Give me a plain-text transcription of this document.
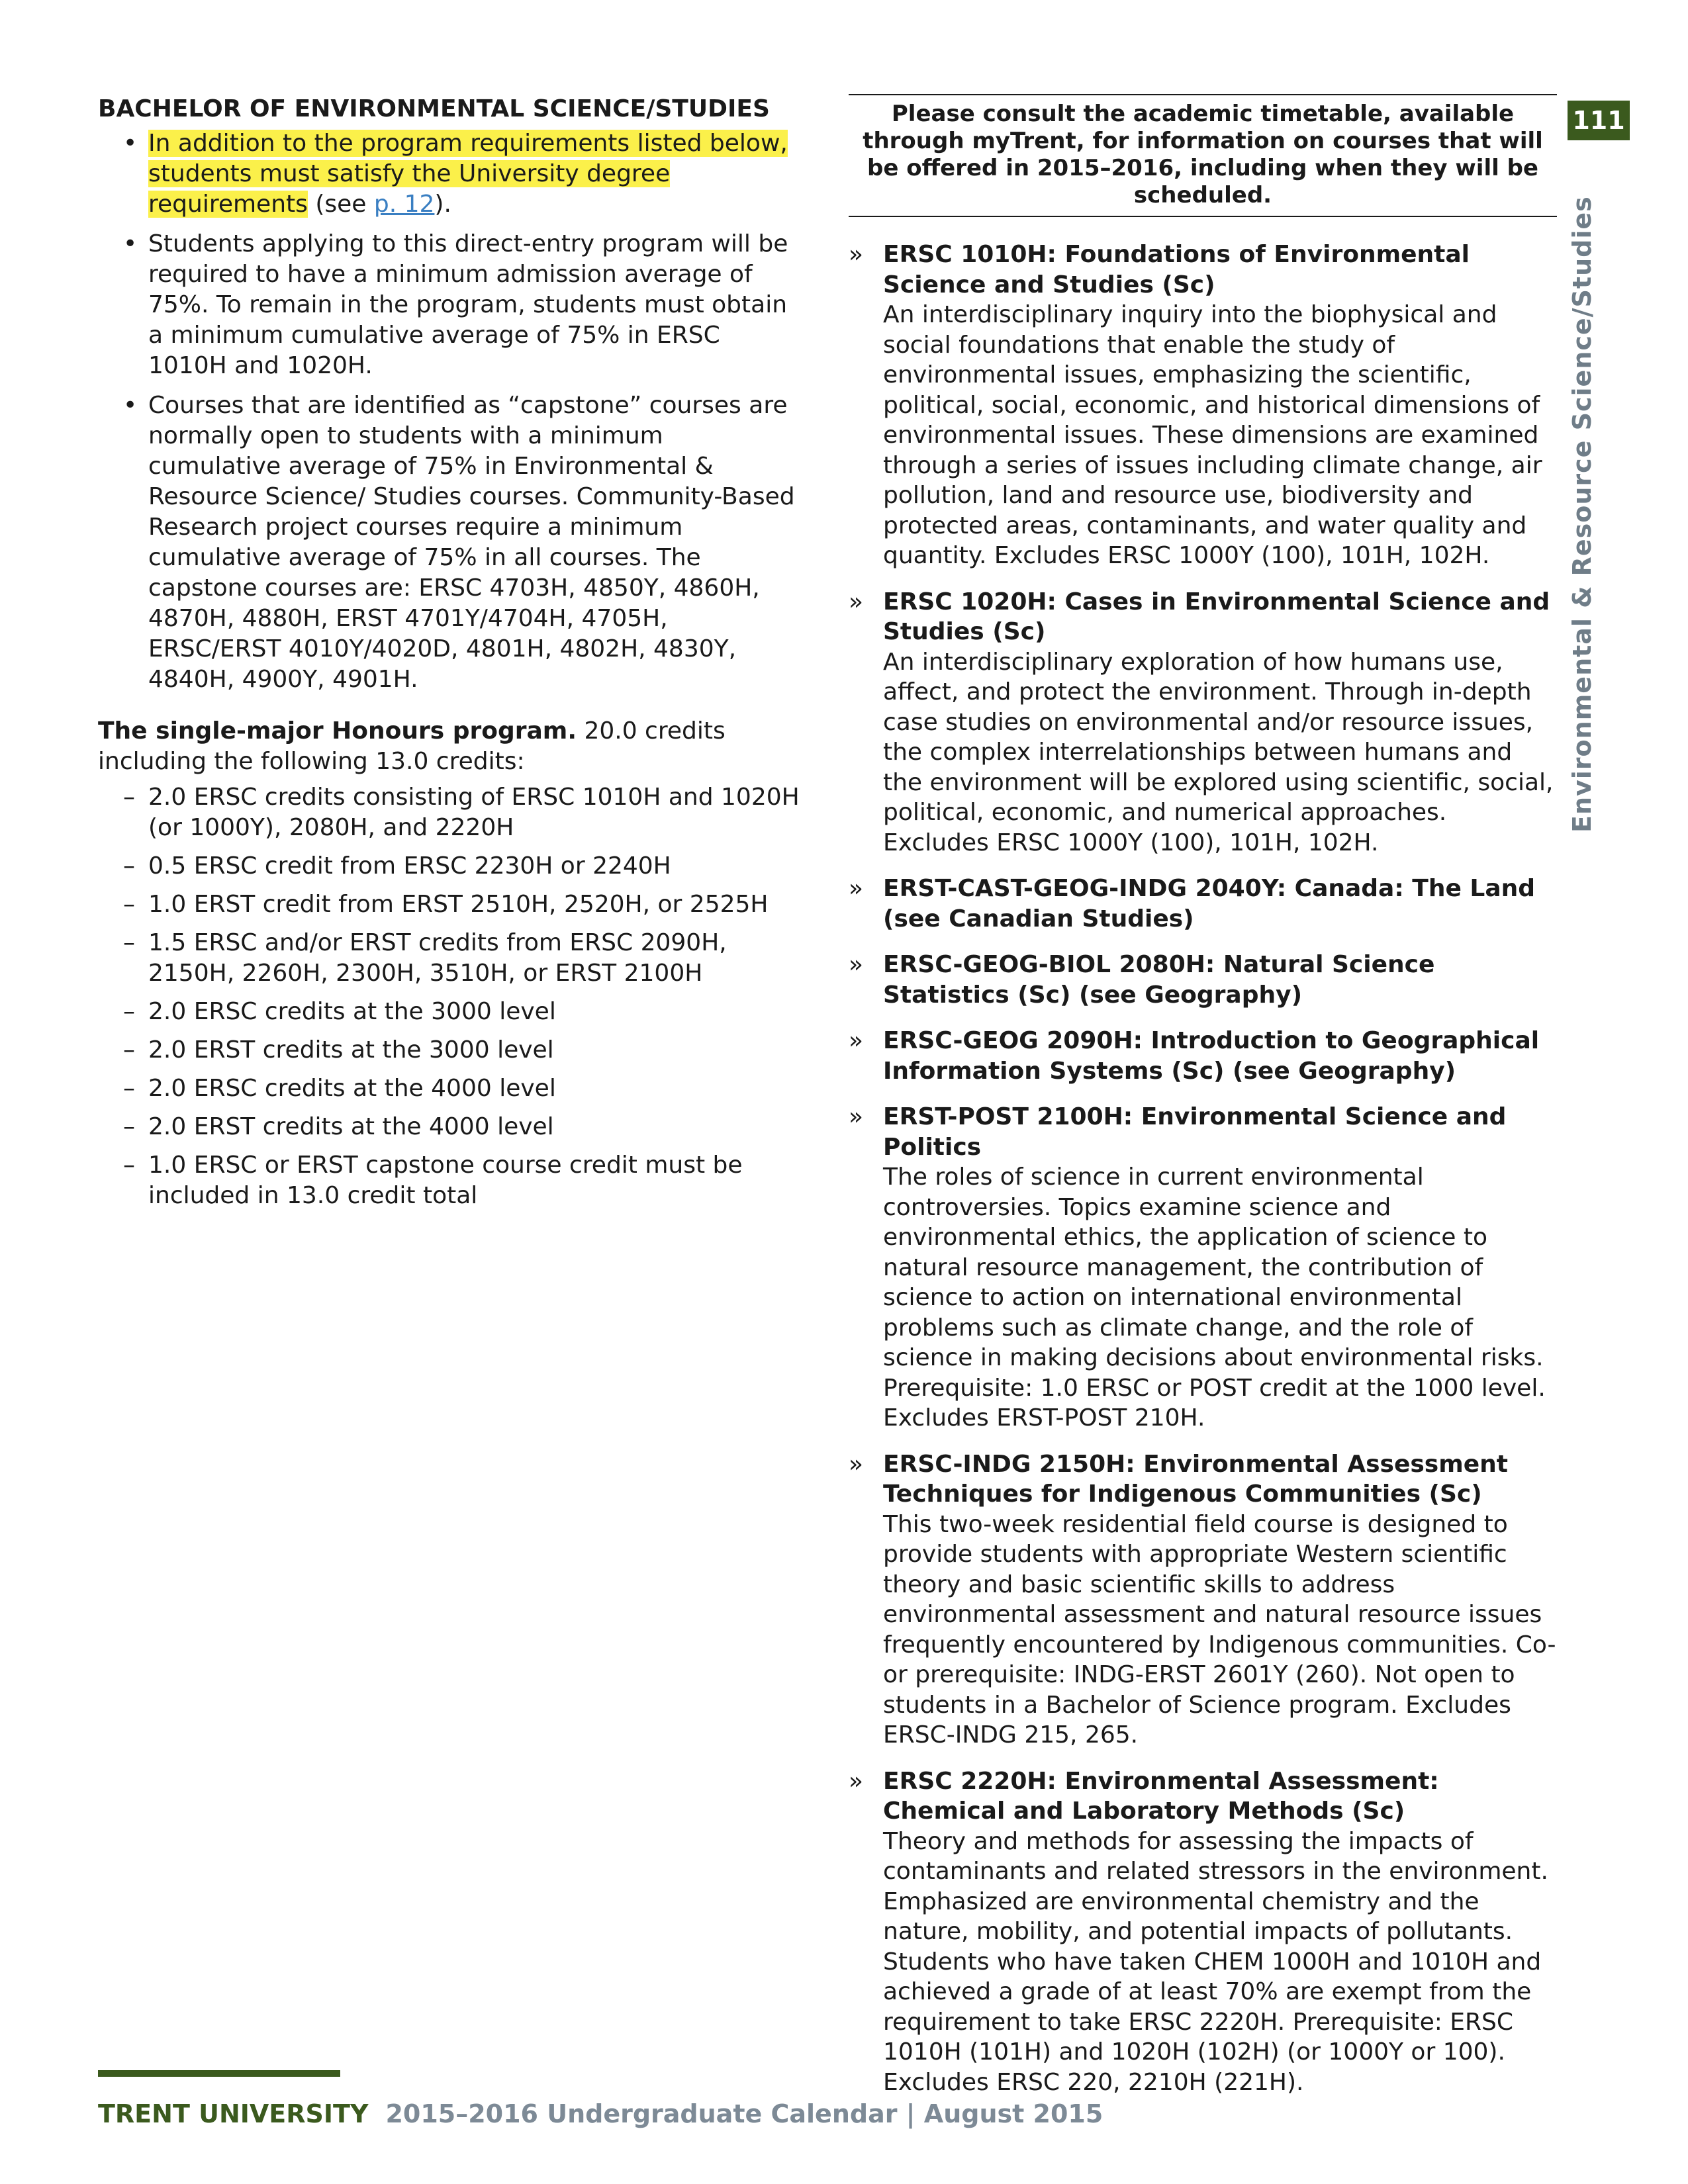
BACHELOR OF ENVIRONMENTAL SCIENCE/STUDIES
• In addition to the program requirements listed below, students must satisfy the University degree requirements (see p. 12).
• Students applying to this direct-entry program will be required to have a minimum admission average of 75%. To remain in the program, students must obtain a minimum cumulative average of 75% in ERSC 1010H and 1020H.
• Courses that are identified as “capstone” courses are normally open to students with a minimum cumulative average of 75% in Environmental & Resource Science/ Studies courses. Community-Based Research project courses require a minimum cumulative average of 75% in all courses. The capstone courses are: ERSC 4703H, 4850Y, 4860H, 4870H, 4880H, ERST 4701Y/4704H, 4705H, ERSC/ERST 4010Y/4020D, 4801H, 4802H, 4830Y, 4840H, 4900Y, 4901H.
The single-major Honours program. 20.0 credits including the following 13.0 credits:
– 2.0 ERSC credits consisting of ERSC 1010H and 1020H (or 1000Y), 2080H, and 2220H
– 0.5 ERSC credit from ERSC 2230H or 2240H
– 1.0 ERST credit from ERST 2510H, 2520H, or 2525H
– 1.5 ERSC and/or ERST credits from ERSC 2090H, 2150H, 2260H, 2300H, 3510H, or ERST 2100H
– 2.0 ERSC credits at the 3000 level
– 2.0 ERST credits at the 3000 level
– 2.0 ERSC credits at the 4000 level
– 2.0 ERST credits at the 4000 level
– 1.0 ERSC or ERST capstone course credit must be included in 13.0 credit total
Please consult the academic timetable, available through myTrent, for information on courses that will be offered in 2015–2016, including when they will be scheduled.
» ERSC 1010H: Foundations of Environmental Science and Studies (Sc)
An interdisciplinary inquiry into the biophysical and social foundations that enable the study of environmental issues, emphasizing the scientific, political, social, economic, and historical dimensions of environmental issues. These dimensions are examined through a series of issues including climate change, air pollution, land and resource use, biodiversity and protected areas, contaminants, and water quality and quantity. Excludes ERSC 1000Y (100), 101H, 102H.
» ERSC 1020H: Cases in Environmental Science and Studies (Sc)
An interdisciplinary exploration of how humans use, affect, and protect the environment. Through in-depth case studies on environmental and/or resource issues, the complex interrelationships between humans and the environment will be explored using scientific, social, political, economic, and numerical approaches. Excludes ERSC 1000Y (100), 101H, 102H.
» ERST-CAST-GEOG-INDG 2040Y: Canada: The Land (see Canadian Studies)
» ERSC-GEOG-BIOL 2080H: Natural Science Statistics (Sc) (see Geography)
» ERSC-GEOG 2090H: Introduction to Geographical Information Systems (Sc) (see Geography)
» ERST-POST 2100H: Environmental Science and Politics
The roles of science in current environmental controversies. Topics examine science and environmental ethics, the application of science to natural resource management, the contribution of science to action on international environmental problems such as climate change, and the role of science in making decisions about environmental risks. Prerequisite: 1.0 ERSC or POST credit at the 1000 level. Excludes ERST-POST 210H.
» ERSC-INDG 2150H: Environmental Assessment Techniques for Indigenous Communities (Sc)
This two-week residential field course is designed to provide students with appropriate Western scientific theory and basic scientific skills to address environmental assessment and natural resource issues frequently encountered by Indigenous communities. Co- or prerequisite: INDG-ERST 2601Y (260). Not open to students in a Bachelor of Science program. Excludes ERSC-INDG 215, 265.
» ERSC 2220H: Environmental Assessment: Chemical and Laboratory Methods (Sc)
Theory and methods for assessing the impacts of contaminants and related stressors in the environment. Emphasized are environmental chemistry and the nature, mobility, and potential impacts of pollutants. Students who have taken CHEM 1000H and 1010H and achieved a grade of at least 70% are exempt from the requirement to take ERSC 2220H. Prerequisite: ERSC 1010H (101H) and 1020H (102H) (or 1000Y or 100). Excludes ERSC 220, 2210H (221H).
111
Environmental & Resource Science/Studies
TRENT UNIVERSITY 2015–2016 Undergraduate Calendar | August 2015
